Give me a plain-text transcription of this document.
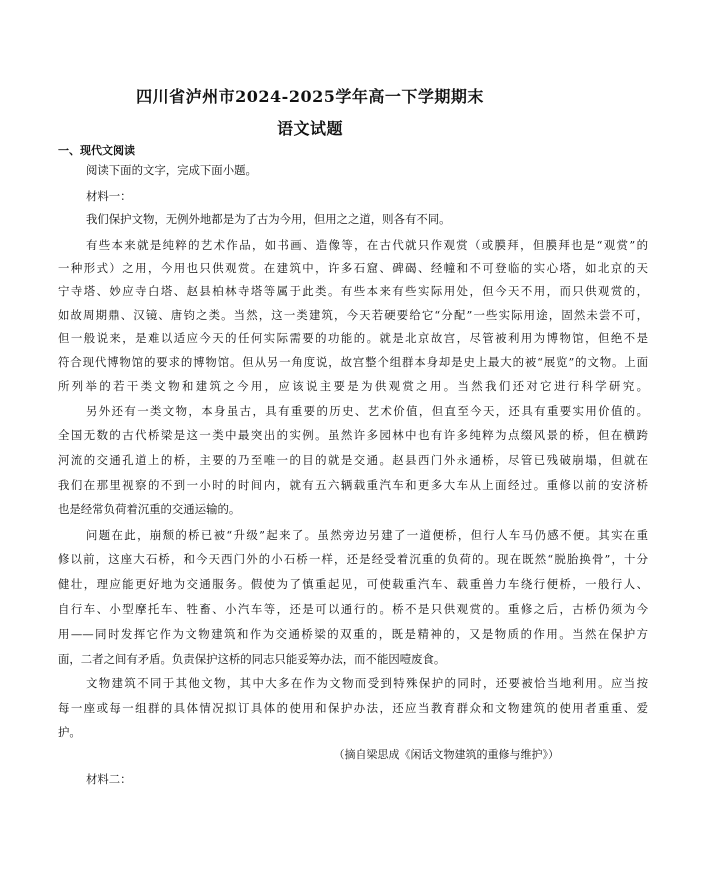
四川省泸州市2024-2025学年高一下学期期末
语文试题
一、现代文阅读
阅读下面的文字，完成下面小题。
材料一：
我们保护文物，无例外地都是为了古为今用，但用之之道，则各有不同。
有些本来就是纯粹的艺术作品，如书画、造像等，在古代就只作观赏（或膜拜，但膜拜也是“观赏”的
一种形式）之用，今用也只供观赏。在建筑中，许多石窟、碑碣、经幢和不可登临的实心塔，如北京的天
宁寺塔、妙应寺白塔、赵县柏林寺塔等属于此类。有些本来有些实际用处，但今天不用，而只供观赏的，
如故周期鼎、汉镜、唐钧之类。当然，这一类建筑，今天若硬要给它“分配”一些实际用途，固然未尝不可，
但一般说来，是难以适应今天的任何实际需要的功能的。就是北京故宫，尽管被利用为博物馆，但绝不是
符合现代博物馆的要求的博物馆。但从另一角度说，故宫整个组群本身却是史上最大的被“展览”的文物。上面
所列举的若干类文物和建筑之今用，应该说主要是为供观赏之用。当然我们还对它进行科学研究。
另外还有一类文物，本身虽古，具有重要的历史、艺术价值，但直至今天，还具有重要实用价值的。
全国无数的古代桥梁是这一类中最突出的实例。虽然许多园林中也有许多纯粹为点缀风景的桥，但在横跨
河流的交通孔道上的桥，主要的乃至唯一的目的就是交通。赵县西门外永通桥，尽管已残破崩塌，但就在
我们在那里视察的不到一小时的时间内，就有五六辆载重汽车和更多大车从上面经过。重修以前的安济桥
也是经常负荷着沉重的交通运输的。
问题在此，崩颓的桥已被“升级”起来了。虽然旁边另建了一道便桥，但行人车马仍感不便。其实在重
修以前，这座大石桥，和今天西门外的小石桥一样，还是经受着沉重的负荷的。现在既然“脱胎换骨”，十分
健壮，理应能更好地为交通服务。假使为了慎重起见，可使载重汽车、载重兽力车绕行便桥，一般行人、
自行车、小型摩托车、牲畜、小汽车等，还是可以通行的。桥不是只供观赏的。重修之后，古桥仍须为今
用——同时发挥它作为文物建筑和作为交通桥梁的双重的，既是精神的，又是物质的作用。当然在保护方
面，二者之间有矛盾。负责保护这桥的同志只能妥筹办法，而不能因噎废食。
文物建筑不同于其他文物，其中大多在作为文物而受到特殊保护的同时，还要被恰当地利用。应当按
每一座或每一组群的具体情况拟订具体的使用和保护办法，还应当教育群众和文物建筑的使用者重重、爱
护。
（摘自梁思成《闲话文物建筑的重修与维护》）
材料二：
